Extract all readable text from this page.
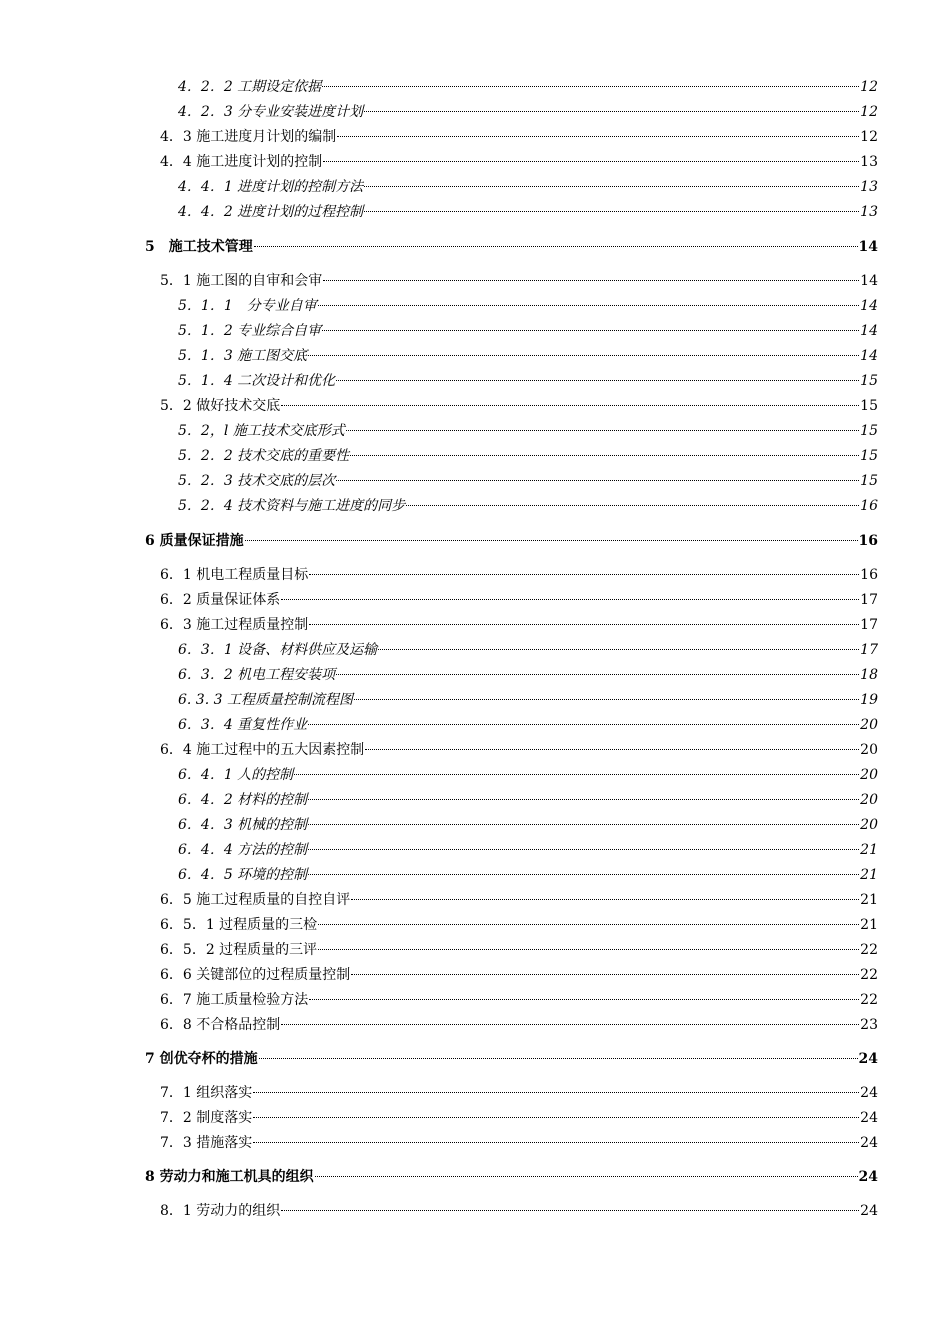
4．2．2 工期设定依据	12
4．2．3 分专业安装进度计划	12
4．3 施工进度月计划的编制	12
4．4 施工进度计划的控制	13
4．4．1 进度计划的控制方法	13
4．4．2 进度计划的过程控制	13
5　施工技术管理	14
5．1 施工图的自审和会审	14
5．1．1　分专业自审	14
5．1．2 专业综合自审	14
5．1．3 施工图交底	14
5．1．4 二次设计和优化	15
5．2 做好技术交底	15
5．2，l 施工技术交底形式	15
5．2．2 技术交底的重要性	15
5．2．3 技术交底的层次	15
5．2．4 技术资料与施工进度的同步	16
6 质量保证措施	16
6．1 机电工程质量目标	16
6．2 质量保证体系	17
6．3 施工过程质量控制	17
6．3．1 设备、材料供应及运输	17
6．3．2 机电工程安装项	18
6. 3. 3 工程质量控制流程图	19
6．3．4 重复性作业	20
6．4 施工过程中的五大因素控制	20
6．4．1 人的控制	20
6．4．2 材料的控制	20
6．4．3 机械的控制	20
6．4．4 方法的控制	21
6．4．5 环境的控制	21
6．5 施工过程质量的自控自评	21
6．5．1 过程质量的三检	21
6．5．2 过程质量的三评	22
6．6 关键部位的过程质量控制	22
6．7 施工质量检验方法	22
6．8 不合格品控制	23
7 创优夺杯的措施	24
7．1 组织落实	24
7．2 制度落实	24
7．3 措施落实	24
8 劳动力和施工机具的组织	24
8．1 劳动力的组织	24
